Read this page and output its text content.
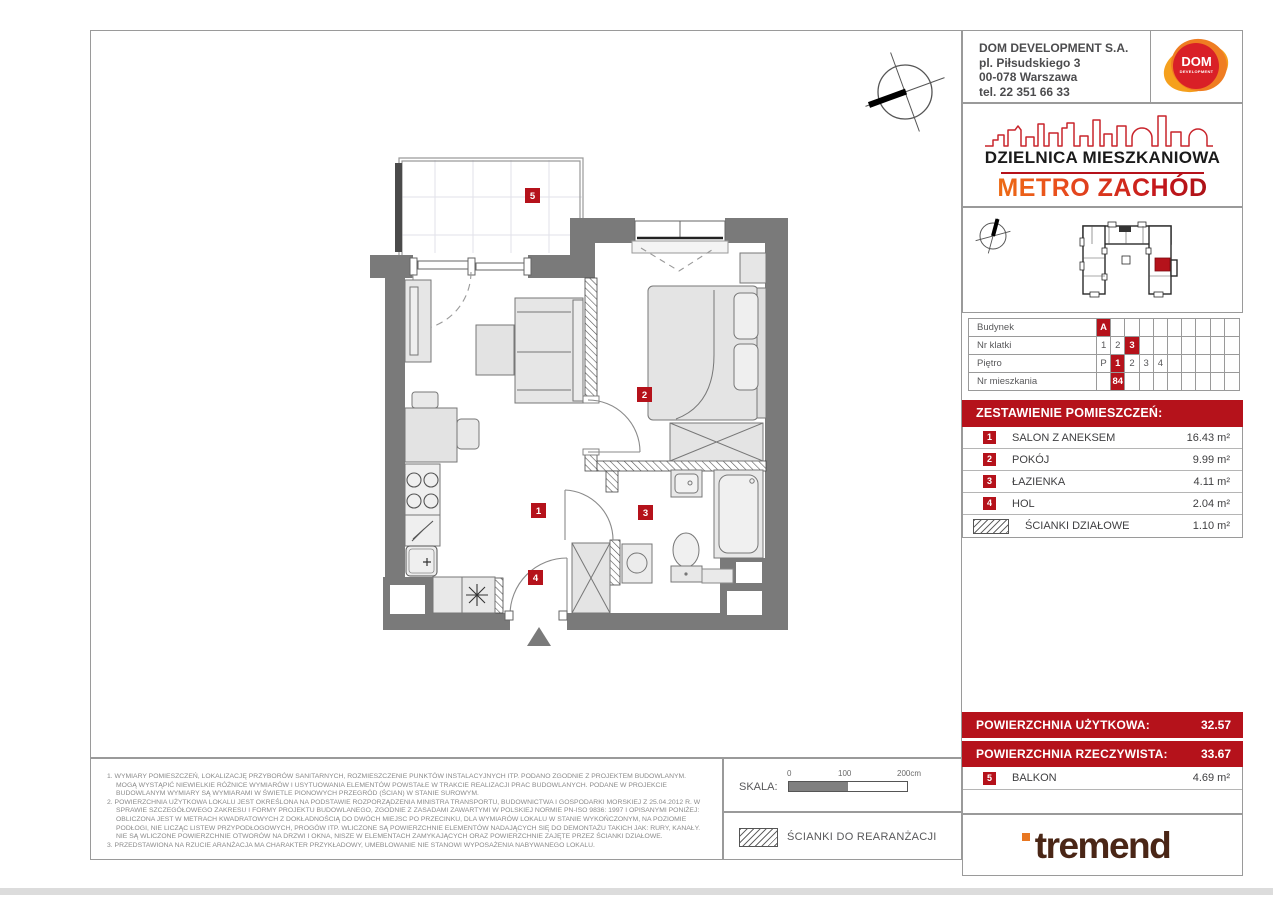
5
2
1	3
4
DOM DEVELOPMENT S.A.
pl. Piłsudskiego 3
00-078 Warszawa
tel. 22 351 66 33
DOM
DEVELOPMENT
DZIELNICA MIESZKANIOWA
METRO ZACHÓD
Budynek	A
Nr klatki	1 2 3
Piętro	P 1 2 3 4
Nr mieszkania	84
ZESTAWIENIE POMIESZCZEŃ:
1	SALON Z ANEKSEM	16.43 m²
2	POKÓJ	9.99 m²
3	ŁAZIENKA	4.11 m²
4	HOL	2.04 m²
ŚCIANKI DZIAŁOWE	1.10 m²
POWIERZCHNIA UŻYTKOWA:	32.57
POWIERZCHNIA RZECZYWISTA:	33.67
5	BALKON	4.69 m²
tremend

1. WYMIARY POMIESZCZEŃ, LOKALIZACJĘ PRZYBORÓW SANITARNYCH, ROZMIESZCZENIE PUNKTÓW INSTALACYJNYCH ITP. PODANO ZGODNIE Z PROJEKTEM BUDOWLANYM. MOGĄ WYSTĄPIĆ NIEWIELKIE RÓŻNICE WYMIARÓW I USYTUOWANIA ELEMENTÓW POWSTAŁE W TRAKCIE REALIZACJI PRAC BUDOWLANYCH. PODANE W PROJEKCIE BUDOWLANYM WYMIARY SĄ WYMIARAMI W ŚWIETLE PIONOWYCH PRZEGRÓD (ŚCIAN) W STANIE SUROWYM.

2. POWIERZCHNIA UŻYTKOWA LOKALU JEST OKREŚLONA NA PODSTAWIE ROZPORZĄDZENIA MINISTRA TRANSPORTU, BUDOWNICTWA I GOSPODARKI MORSKIEJ Z 25.04.2012 R. W SPRAWIE SZCZEGÓŁOWEGO ZAKRESU I FORMY PROJEKTU BUDOWLANEGO, ZGODNIE Z ZASADAMI ZAWARTYMI W POLSKIEJ NORMIE PN-ISO 9836: 1997 I OPISANYMI PONIŻEJ: OBLICZONA JEST W METRACH KWADRATOWYCH Z DOKŁADNOŚCIĄ DO DWÓCH MIEJSC PO PRZECINKU, DLA WYMIARÓW LOKALU W STANIE WYKOŃCZONYM, NA POZIOMIE PODŁOGI, NIE LICZĄC LISTEW PRZYPODŁOGOWYCH, PROGÓW ITP. WLICZONE SĄ POWIERZCHNIE ELEMENTÓW NADAJĄCYCH SIĘ DO DEMONTAŻU TAKICH JAK: RURY, KANAŁY. NIE SĄ WLICZONE POWIERZCHNIE OTWORÓW NA DRZWI I OKNA, NISZE W ELEMENTACH ZAMYKAJĄCYCH ORAZ POWIERZCHNIE ZAJĘTE PRZEZ ŚCIANKI DZIAŁOWE.

3. PRZEDSTAWIONA NA RZUCIE ARANŻACJA MA CHARAKTER PRZYKŁADOWY, UMEBLOWANIE NIE STANOWI WYPOSAŻENIA NABYWANEGO LOKALU.

SKALA:
0	100	200cm
ŚCIANKI DO REARANŻACJI
